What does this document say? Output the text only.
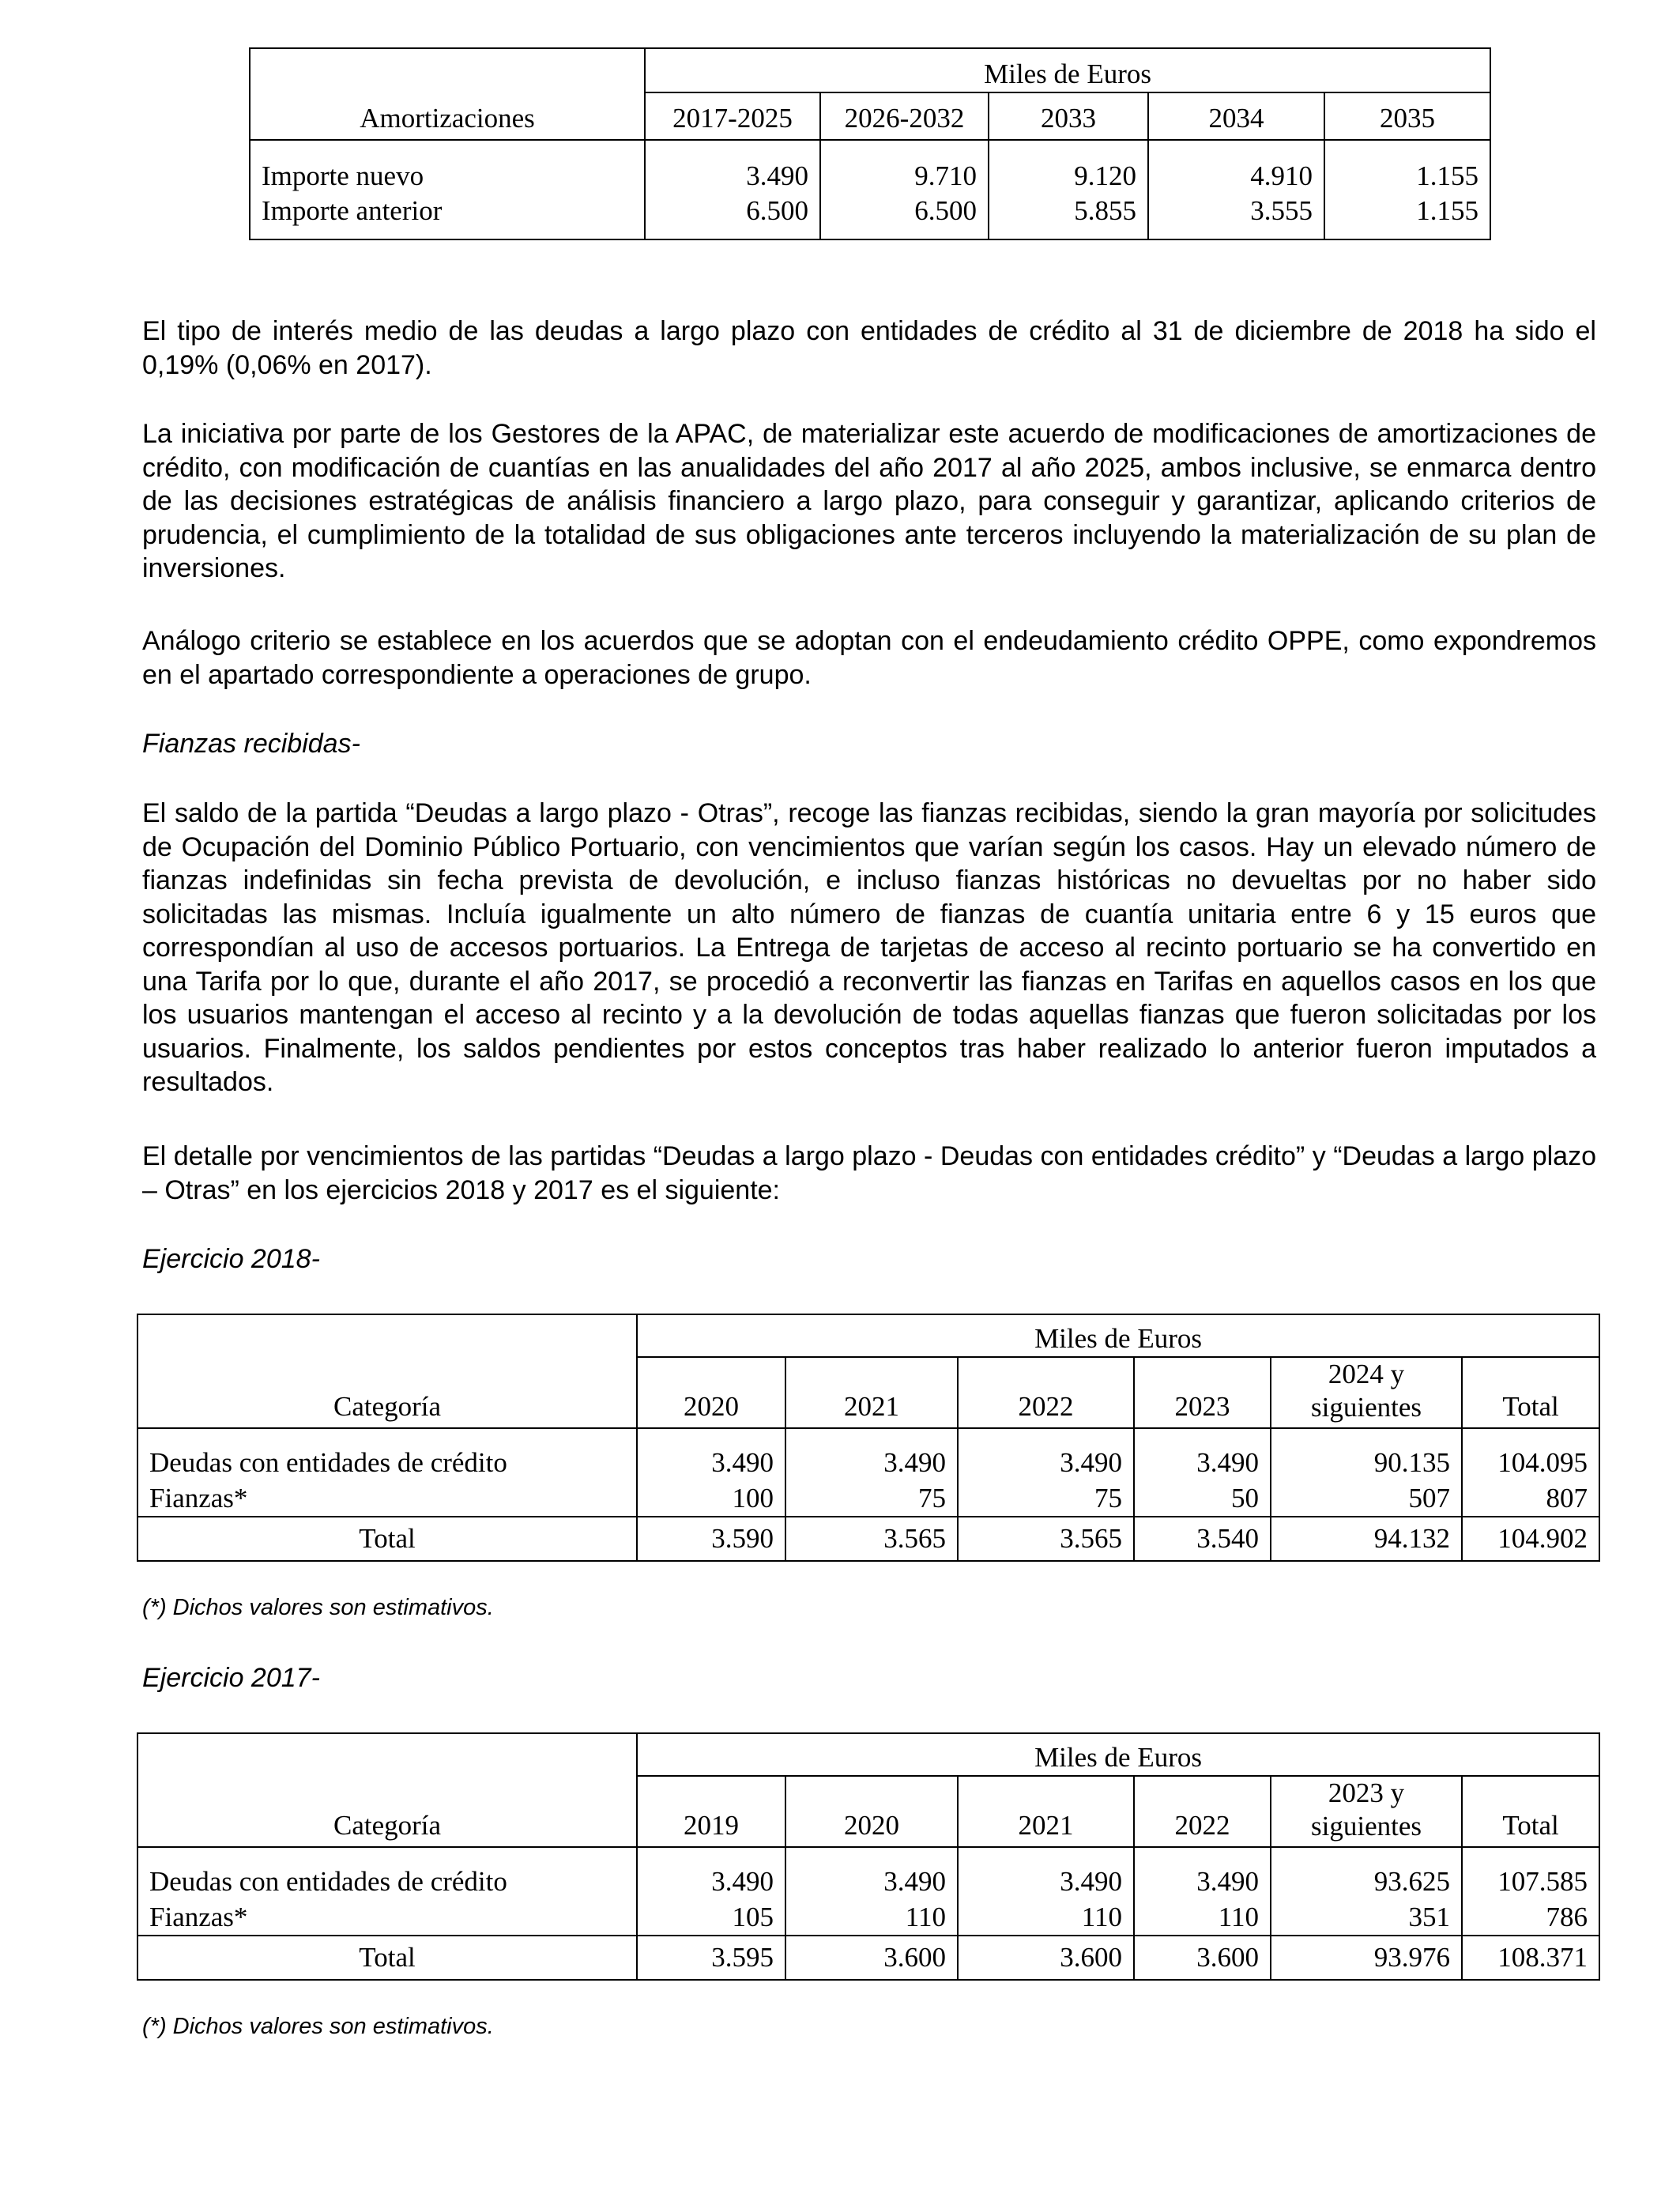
	Miles de Euros				
Amortizaciones	2017-2025	2026-2032	2033	2034	2035
Importe nuevo	3.490	9.710	9.120	4.910	1.155
Importe anterior	6.500	6.500	5.855	3.555	1.155

El tipo de interés medio de las deudas a largo plazo con entidades de crédito al 31 de diciembre de 2018 ha sido el 0,19% (0,06% en 2017).

La iniciativa por parte de los Gestores de la APAC, de materializar este acuerdo de modificaciones de amortizaciones de crédito, con modificación de cuantías en las anualidades del año 2017 al año 2025, ambos inclusive, se enmarca dentro de las decisiones estratégicas de análisis financiero a largo plazo, para conseguir y garantizar, aplicando criterios de prudencia, el cumplimiento de la totalidad de sus obligaciones ante terceros incluyendo la materialización de su plan de inversiones.

Análogo criterio se establece en los acuerdos que se adoptan con el endeudamiento crédito OPPE, como expondremos en el apartado correspondiente a operaciones de grupo.

Fianzas recibidas-

El saldo de la partida “Deudas a largo plazo - Otras”, recoge las fianzas recibidas, siendo la gran mayoría por solicitudes de Ocupación del Dominio Público Portuario, con vencimientos que varían según los casos. Hay un elevado número de fianzas indefinidas sin fecha prevista de devolución, e incluso fianzas históricas no devueltas por no haber sido solicitadas las mismas. Incluía igualmente un alto número de fianzas de cuantía unitaria entre 6 y 15 euros que correspondían al uso de accesos portuarios. La Entrega de tarjetas de acceso al recinto portuario se ha convertido en una Tarifa por lo que, durante el año 2017, se procedió a reconvertir las fianzas en Tarifas en aquellos casos en los que los usuarios mantengan el acceso al recinto y a la devolución de todas aquellas fianzas que fueron solicitadas por los usuarios. Finalmente, los saldos pendientes por estos conceptos tras haber realizado lo anterior fueron imputados a resultados.

El detalle por vencimientos de las partidas “Deudas a largo plazo - Deudas con entidades crédito” y “Deudas a largo plazo – Otras” en los ejercicios 2018 y 2017 es el siguiente:

Ejercicio 2018-

	Miles de Euros					
Categoría	2020	2021	2022	2023	2024 y siguientes	Total
Deudas con entidades de crédito	3.490	3.490	3.490	3.490	90.135	104.095
Fianzas*	100	75	75	50	507	807
Total	3.590	3.565	3.565	3.540	94.132	104.902

(*) Dichos valores son estimativos.

Ejercicio 2017-

	Miles de Euros					
Categoría	2019	2020	2021	2022	2023 y siguientes	Total
Deudas con entidades de crédito	3.490	3.490	3.490	3.490	93.625	107.585
Fianzas*	105	110	110	110	351	786
Total	3.595	3.600	3.600	3.600	93.976	108.371

(*) Dichos valores son estimativos.
